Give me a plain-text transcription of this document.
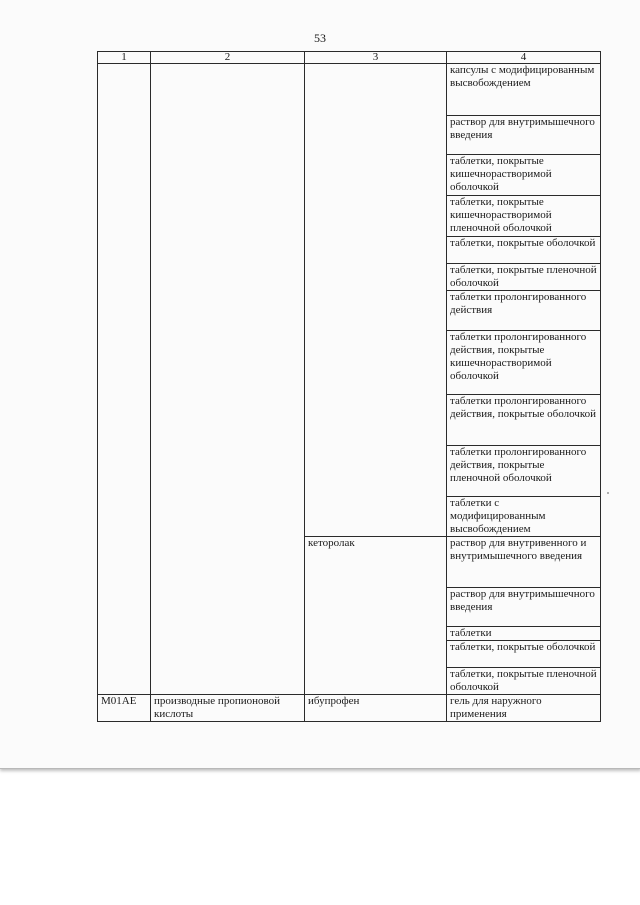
53
1	2	3	4
			капсулы с модифицированным высвобождением
			раствор для внутримышечного введения
			таблетки, покрытые кишечнорастворимой оболочкой
			таблетки, покрытые кишечнорастворимой пленочной оболочкой
			таблетки, покрытые оболочкой
			таблетки, покрытые пленочной оболочкой
			таблетки пролонгированного действия
			таблетки пролонгированного действия, покрытые кишечнорастворимой оболочкой
			таблетки пролонгированного действия, покрытые оболочкой
			таблетки пролонгированного действия, покрытые пленочной оболочкой
			таблетки с модифицированным высвобождением
		кеторолак	раствор для внутривенного и внутримышечного введения
			раствор для внутримышечного введения
			таблетки
			таблетки, покрытые оболочкой
			таблетки, покрытые пленочной оболочкой
M01AE	производные пропионовой кислоты	ибупрофен	гель для наружного применения
